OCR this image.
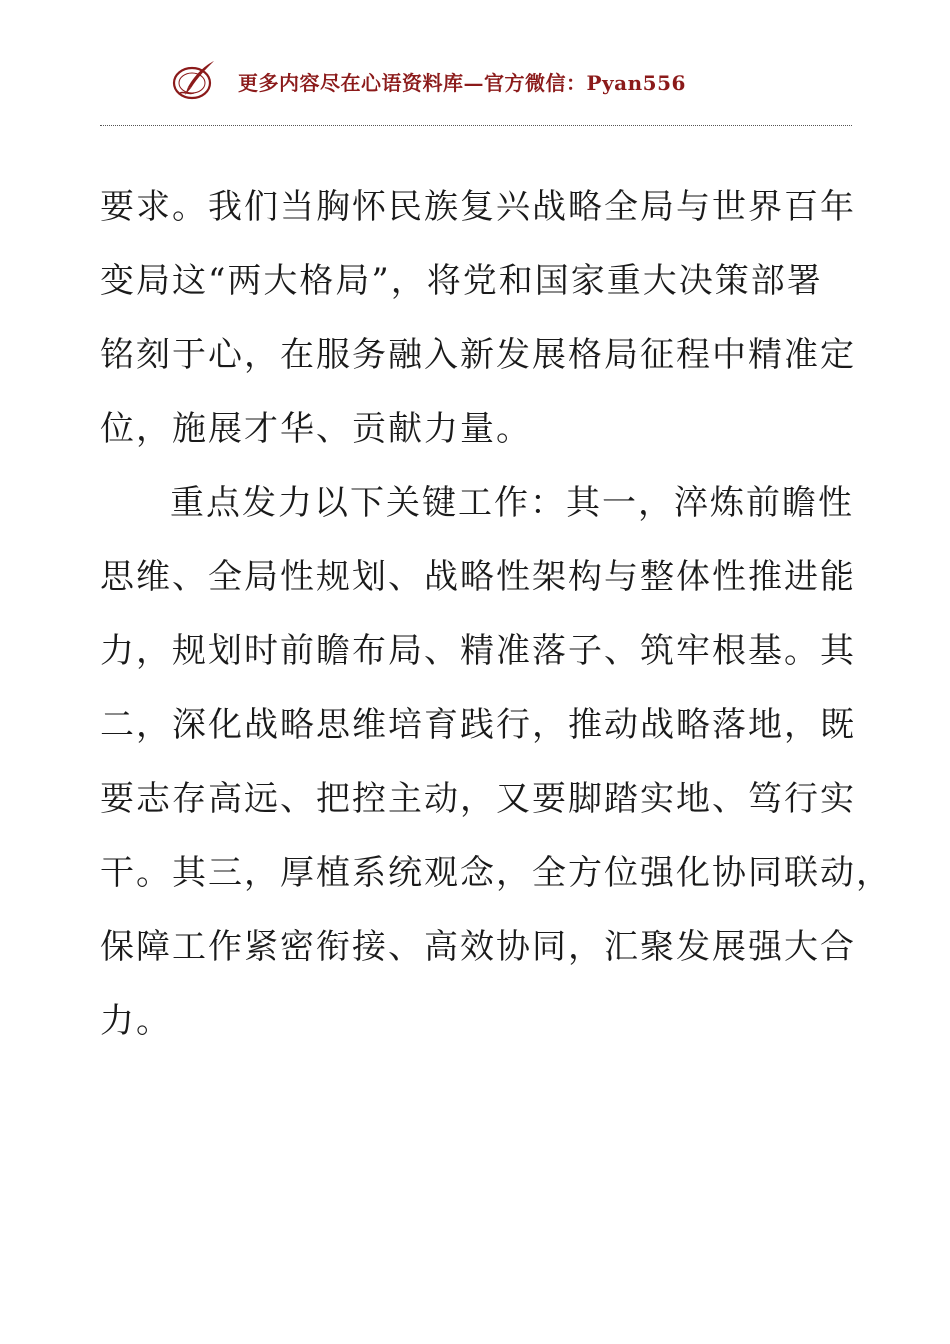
更多内容尽在心语资料库—官方微信：Pyan556
要求。我们当胸怀民族复兴战略全局与世界百年
变局这“两大格局”，将党和国家重大决策部署
铭刻于心，在服务融入新发展格局征程中精准定
位，施展才华、贡献力量。
重点发力以下关键工作：其一，淬炼前瞻性
思维、全局性规划、战略性架构与整体性推进能
力，规划时前瞻布局、精准落子、筑牢根基。其
二，深化战略思维培育践行，推动战略落地，既
要志存高远、把控主动，又要脚踏实地、笃行实
干。其三，厚植系统观念，全方位强化协同联动，
保障工作紧密衔接、高效协同，汇聚发展强大合
力。
